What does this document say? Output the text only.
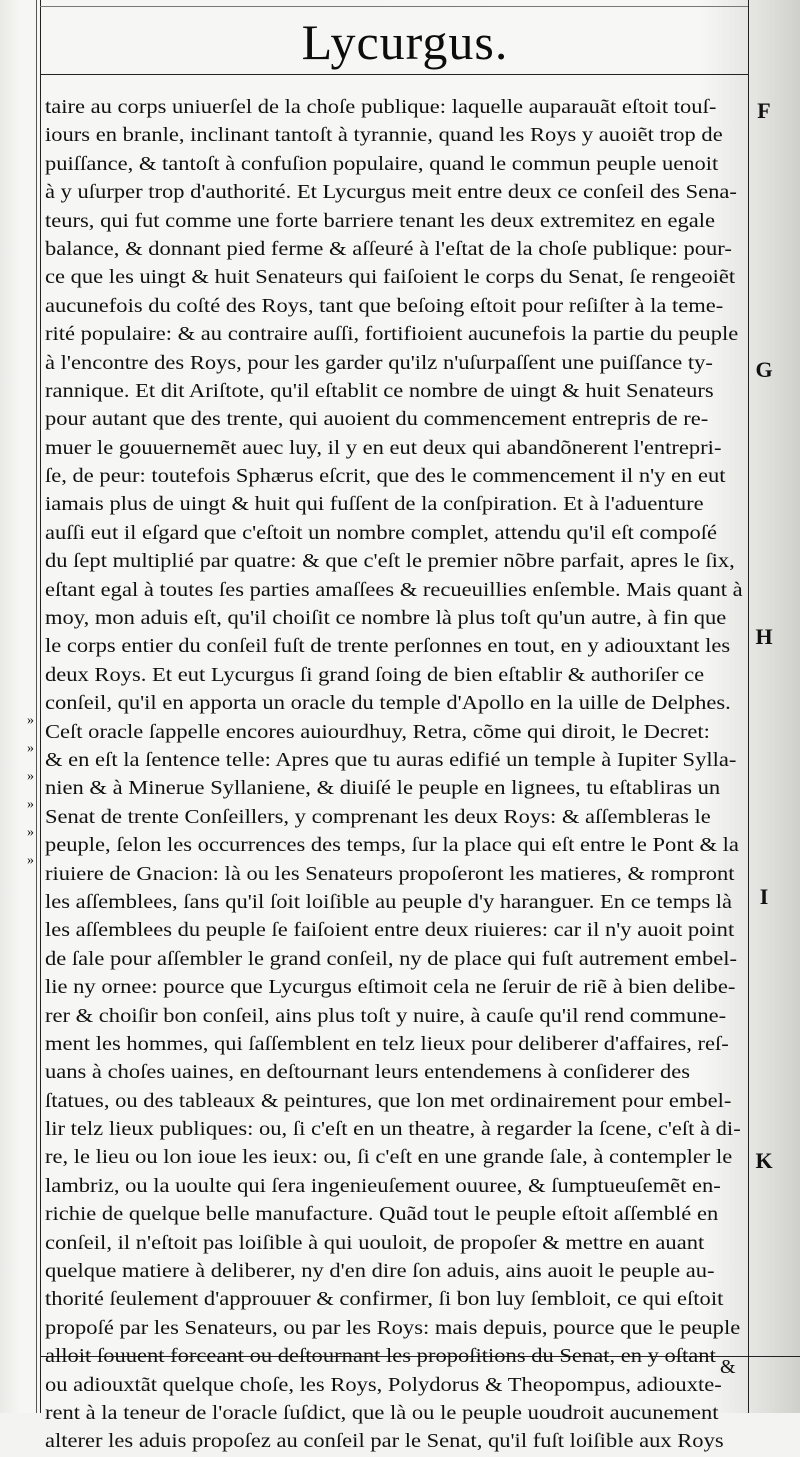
Lycurgus.
taire au corps uniuerſel de la choſe publique: laquelle auparauãt eſtoit touſ-
iours en branle, inclinant tantoſt à tyrannie, quand les Roys y auoiẽt trop de
puiſſance, & tantoſt à confuſion populaire, quand le commun peuple uenoit
à y uſurper trop d'authorité. Et Lycurgus meit entre deux ce conſeil des Sena-
teurs, qui fut comme une forte barriere tenant les deux extremitez en egale
balance, & donnant pied ferme & aſſeuré à l'eſtat de la choſe publique: pour-
ce que les uingt & huit Senateurs qui faiſoient le corps du Senat, ſe rengeoiẽt
aucunefois du coſté des Roys, tant que beſoing eſtoit pour reſiſter à la teme-
rité populaire: & au contraire auſſi, fortifioient aucunefois la partie du peuple
à l'encontre des Roys, pour les garder qu'ilz n'uſurpaſſent une puiſſance ty-
rannique. Et dit Ariſtote, qu'il eſtablit ce nombre de uingt & huit Senateurs
pour autant que des trente, qui auoient du commencement entrepris de re-
muer le gouuernemẽt auec luy, il y en eut deux qui abandõnerent l'entrepri-
ſe, de peur: toutefois Sphærus eſcrit, que des le commencement il n'y en eut
iamais plus de uingt & huit qui fuſſent de la conſpiration. Et à l'aduenture
auſſi eut il eſgard que c'eſtoit un nombre complet, attendu qu'il eſt compoſé
du ſept multiplié par quatre: & que c'eſt le premier nõbre parfait, apres le ſix,
eſtant egal à toutes ſes parties amaſſees & recueuillies enſemble. Mais quant à
moy, mon aduis eſt, qu'il choiſit ce nombre là plus toſt qu'un autre, à fin que
le corps entier du conſeil fuſt de trente perſonnes en tout, en y adiouxtant les
deux Roys. Et eut Lycurgus ſi grand ſoing de bien eſtablir & authoriſer ce
conſeil, qu'il en apporta un oracle du temple d'Apollo en la uille de Delphes.
Ceſt oracle ſappelle encores auiourdhuy, Retra, cõme qui diroit, le Decret:
& en eſt la ſentence telle: Apres que tu auras edifié un temple à Iupiter Sylla-
nien & à Minerue Syllaniene, & diuiſé le peuple en lignees, tu eſtabliras un
Senat de trente Conſeillers, y comprenant les deux Roys: & aſſembleras le
peuple, ſelon les occurrences des temps, ſur la place qui eſt entre le Pont & la
riuiere de Gnacion: là ou les Senateurs propoſeront les matieres, & rompront
les aſſemblees, ſans qu'il ſoit loiſible au peuple d'y haranguer. En ce temps là
les aſſemblees du peuple ſe faiſoient entre deux riuieres: car il n'y auoit point
de ſale pour aſſembler le grand conſeil, ny de place qui fuſt autrement embel-
lie ny ornee: pource que Lycurgus eſtimoit cela ne ſeruir de riẽ à bien delibe-
rer & choiſir bon conſeil, ains plus toſt y nuire, à cauſe qu'il rend commune-
ment les hommes, qui ſaſſemblent en telz lieux pour deliberer d'affaires, reſ-
uans à choſes uaines, en deſtournant leurs entendemens à conſiderer des
ſtatues, ou des tableaux & peintures, que lon met ordinairement pour embel-
lir telz lieux publiques: ou, ſi c'eſt en un theatre, à regarder la ſcene, c'eſt à di-
re, le lieu ou lon ioue les ieux: ou, ſi c'eſt en une grande ſale, à contempler le
lambriz, ou la uoulte qui ſera ingenieuſement ouuree, & ſumptueuſemẽt en-
richie de quelque belle manufacture. Quãd tout le peuple eſtoit aſſemblé en
conſeil, il n'eſtoit pas loiſible à qui uouloit, de propoſer & mettre en auant
quelque matiere à deliberer, ny d'en dire ſon aduis, ains auoit le peuple au-
thorité ſeulement d'approuuer & confirmer, ſi bon luy ſembloit, ce qui eſtoit
propoſé par les Senateurs, ou par les Roys: mais depuis, pource que le peuple
alloit ſouuent forceant ou deſtournant les propoſitions du Senat, en y oſtant
ou adiouxtãt quelque choſe, les Roys, Polydorus & Theopompus, adiouxte-
rent à la teneur de l'oracle ſuſdict, que là ou le peuple uoudroit aucunement
alterer les aduis propoſez au conſeil par le Senat, qu'il fuſt loiſible aux Roys
»
»
»
»
»
»
F
G
H
I
K
&
